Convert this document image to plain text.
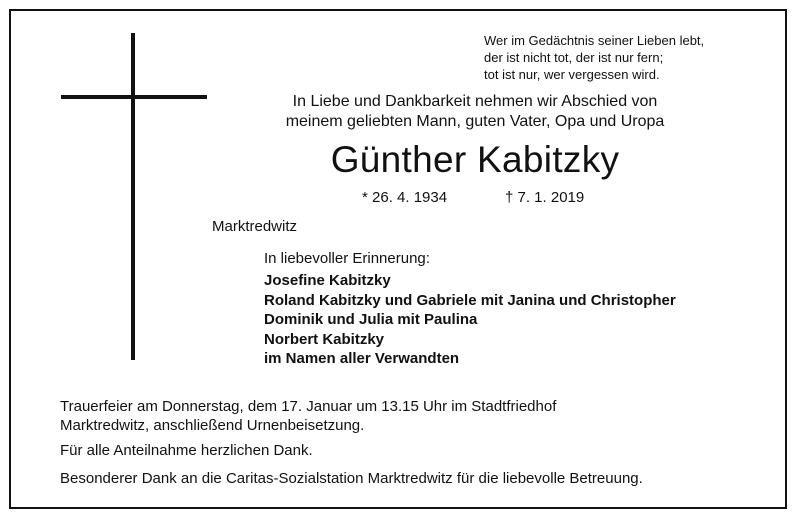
Wer im Gedächtnis seiner Lieben lebt,
der ist nicht tot, der ist nur fern;
tot ist nur, wer vergessen wird.
In Liebe und Dankbarkeit nehmen wir Abschied von
meinem geliebten Mann, guten Vater, Opa und Uropa
Günther Kabitzky
* 26. 4. 1934	† 7. 1. 2019
Marktredwitz
In liebevoller Erinnerung:
Josefine Kabitzky
Roland Kabitzky und Gabriele mit Janina und Christopher
Dominik und Julia mit Paulina
Norbert Kabitzky
im Namen aller Verwandten
Trauerfeier am Donnerstag, dem 17. Januar um 13.15 Uhr im Stadtfriedhof
Marktredwitz, anschließend Urnenbeisetzung.
Für alle Anteilnahme herzlichen Dank.
Besonderer Dank an die Caritas-Sozialstation Marktredwitz für die liebevolle Betreuung.
